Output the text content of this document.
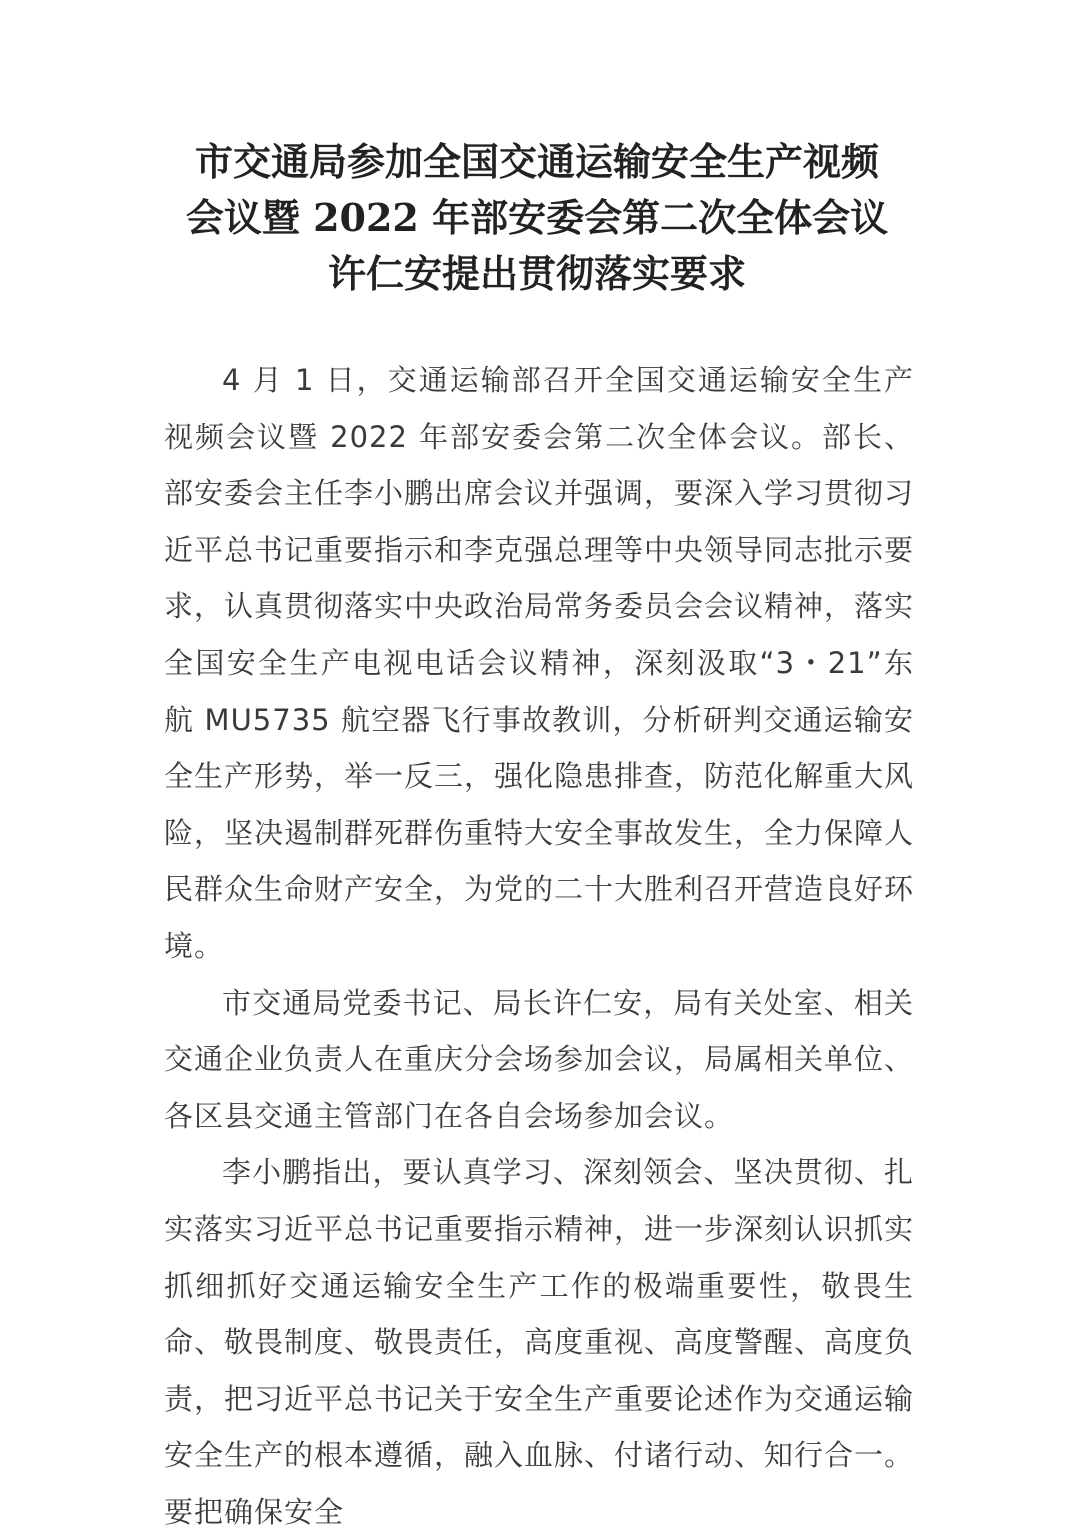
市交通局参加全国交通运输安全生产视频
会议暨 2022 年部安委会第二次全体会议
许仁安提出贯彻落实要求

4 月 1 日，交通运输部召开全国交通运输安全生产视频会议暨 2022 年部安委会第二次全体会议。部长、部安委会主任李小鹏出席会议并强调，要深入学习贯彻习近平总书记重要指示和李克强总理等中央领导同志批示要求，认真贯彻落实中央政治局常务委员会会议精神，落实全国安全生产电视电话会议精神，深刻汲取“3・21”东航 MU5735 航空器飞行事故教训，分析研判交通运输安全生产形势，举一反三，强化隐患排查，防范化解重大风险，坚决遏制群死群伤重特大安全事故发生，全力保障人民群众生命财产安全，为党的二十大胜利召开营造良好环境。

市交通局党委书记、局长许仁安，局有关处室、相关交通企业负责人在重庆分会场参加会议，局属相关单位、各区县交通主管部门在各自会场参加会议。

李小鹏指出，要认真学习、深刻领会、坚决贯彻、扎实落实习近平总书记重要指示精神，进一步深刻认识抓实抓细抓好交通运输安全生产工作的极端重要性，敬畏生命、敬畏制度、敬畏责任，高度重视、高度警醒、高度负责，把习近平总书记关于安全生产重要论述作为交通运输安全生产的根本遵循，融入血脉、付诸行动、知行合一。要把确保安全
